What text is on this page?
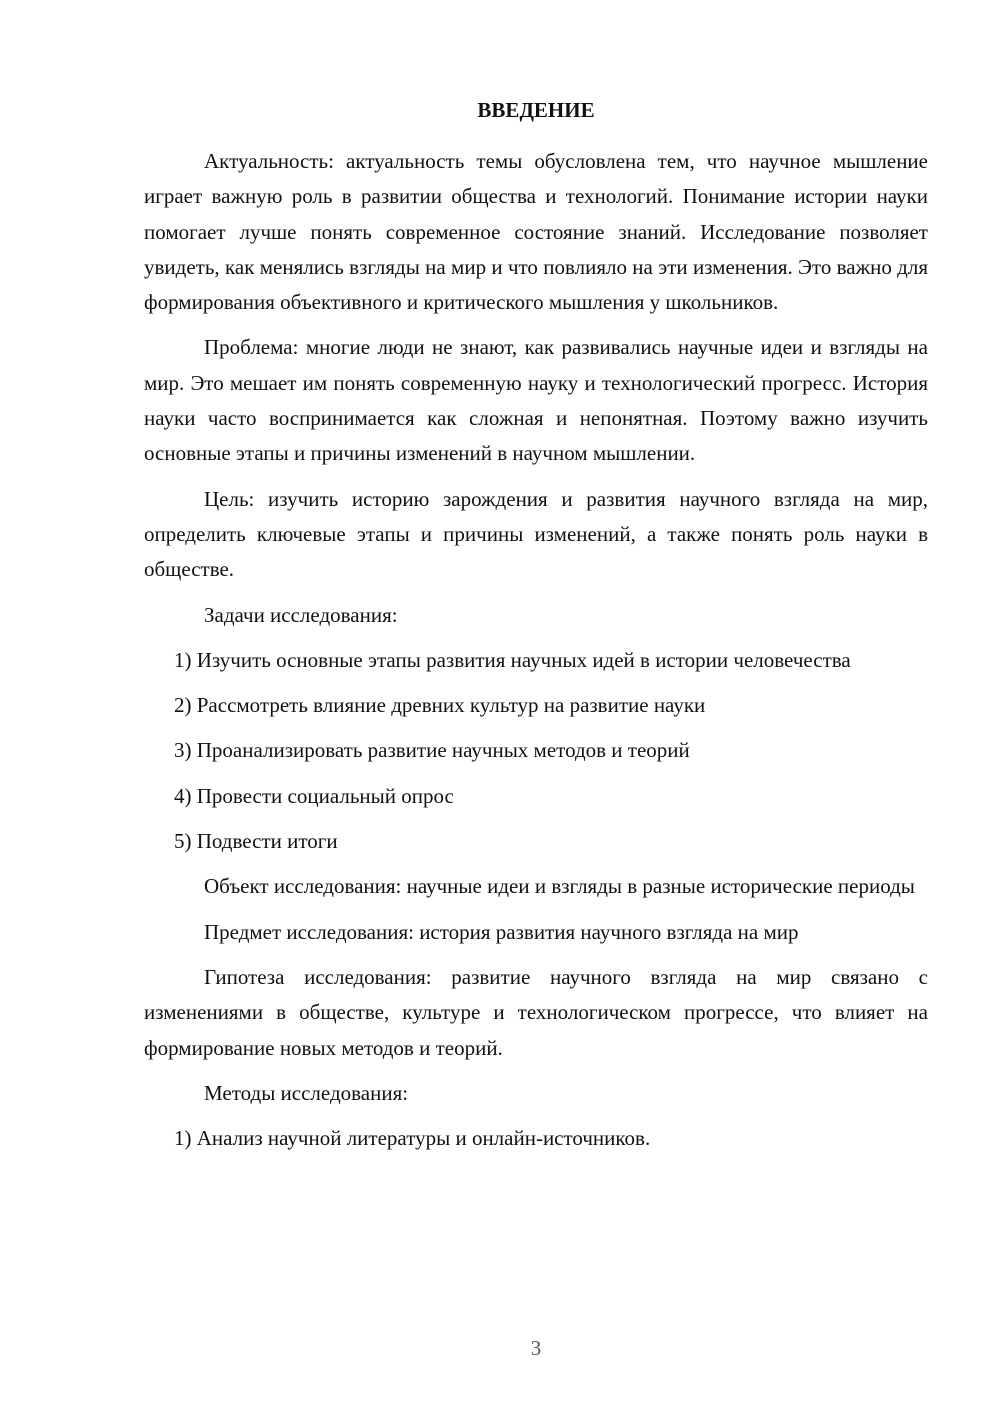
ВВЕДЕНИЕ

Актуальность: актуальность темы обусловлена тем, что научное мышление играет важную роль в развитии общества и технологий. Понимание истории науки помогает лучше понять современное состояние знаний. Исследование позволяет увидеть, как менялись взгляды на мир и что повлияло на эти изменения. Это важно для формирования объективного и критического мышления у школьников.

Проблема: многие люди не знают, как развивались научные идеи и взгляды на мир. Это мешает им понять современную науку и технологический прогресс. История науки часто воспринимается как сложная и непонятная. Поэтому важно изучить основные этапы и причины изменений в научном мышлении.

Цель: изучить историю зарождения и развития научного взгляда на мир, определить ключевые этапы и причины изменений, а также понять роль науки в обществе.

Задачи исследования:

1) Изучить основные этапы развития научных идей в истории человечества

2) Рассмотреть влияние древних культур на развитие науки

3) Проанализировать развитие научных методов и теорий

4) Провести социальный опрос

5) Подвести итоги

Объект исследования: научные идеи и взгляды в разные исторические периоды

Предмет исследования: история развития научного взгляда на мир

Гипотеза исследования: развитие научного взгляда на мир связано с изменениями в обществе, культуре и технологическом прогрессе, что влияет на формирование новых методов и теорий.

Методы исследования:

1) Анализ научной литературы и онлайн-источников.

3
